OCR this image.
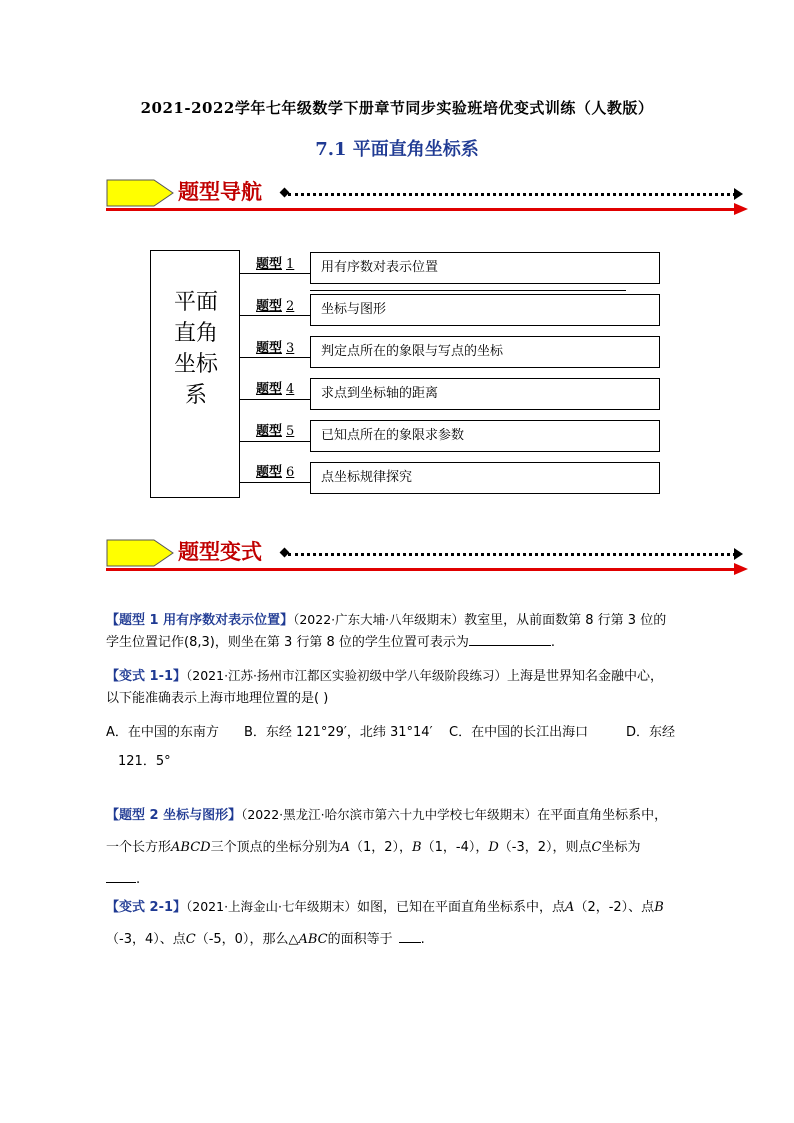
2021-2022学年七年级数学下册章节同步实验班培优变式训练（人教版）
7.1 平面直角坐标系
题型导航
平面
直角
坐标
系
题型 1	用有序数对表示位置
题型 2	坐标与图形
题型 3	判定点所在的象限与写点的坐标
题型 4	求点到坐标轴的距离
题型 5	已知点所在的象限求参数
题型 6	点坐标规律探究
题型变式
【题型 1 用有序数对表示位置】（2022·广东大埔·八年级期末）教室里，从前面数第 8 行第 3 位的
学生位置记作(8,3)，则坐在第 3 行第 8 位的学生位置可表示为	.
【变式 1-1】（2021·江苏·扬州市江都区实验初级中学八年级阶段练习）上海是世界知名金融中心，
以下能准确表示上海市地理位置的是( )
A．在中国的东南方 B．东经 121°29′，北纬 31°14′ C．在中国的长江出海口	D．东经
121．5°
【题型 2 坐标与图形】（2022·黑龙江·哈尔滨市第六十九中学校七年级期末）在平面直角坐标系中，
一个长方形ABCD三个顶点的坐标分别为A（1，2），B（1，-4），D（-3，2），则点C坐标为
.
【变式 2-1】（2021·上海金山·七年级期末）如图，已知在平面直角坐标系中，点A（2，-2）、点B
（-3，4）、点C（-5，0），那么△ABC的面积等于 .
